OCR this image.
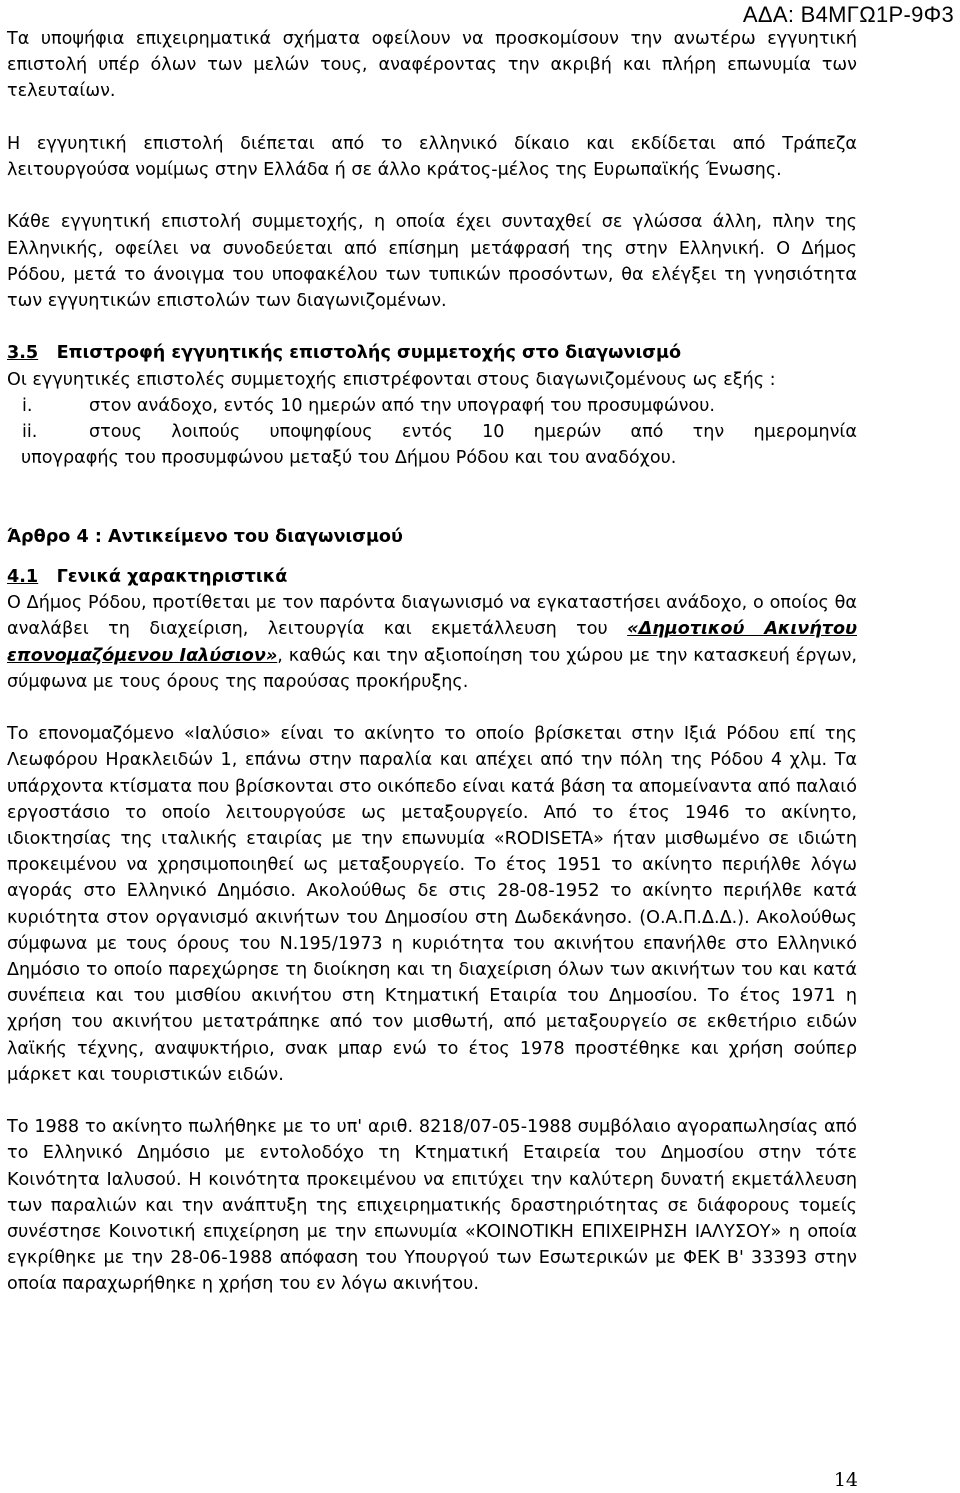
ΑΔΑ: Β4ΜΓΩ1Ρ-9Φ3

Τα υποψήφια επιχειρηματικά σχήματα οφείλουν να προσκομίσουν την ανωτέρω εγγυητική επιστολή υπέρ όλων των μελών τους, αναφέροντας την ακριβή και πλήρη επωνυμία των τελευταίων.

Η εγγυητική επιστολή διέπεται από το ελληνικό δίκαιο και εκδίδεται από Τράπεζα λειτουργούσα νομίμως στην Ελλάδα ή σε άλλο κράτος-μέλος της Ευρωπαϊκής Ένωσης.

Κάθε εγγυητική επιστολή συμμετοχής, η οποία έχει συνταχθεί σε γλώσσα άλλη, πλην της Ελληνικής, οφείλει να συνοδεύεται από επίσημη μετάφρασή της στην Ελληνική. Ο Δήμος Ρόδου, μετά το άνοιγμα του υποφακέλου των τυπικών προσόντων, θα ελέγξει τη γνησιότητα των εγγυητικών επιστολών των διαγωνιζομένων.

3.5 Επιστροφή εγγυητικής επιστολής συμμετοχής στο διαγωνισμό

Οι εγγυητικές επιστολές συμμετοχής επιστρέφονται στους διαγωνιζομένους ως εξής :

i.	στον ανάδοχο, εντός 10 ημερών από την υπογραφή του προσυμφώνου.
ii.	στους λοιπούς υποψηφίους εντός 10 ημερών από την ημερομηνία
υπογραφής του προσυμφώνου μεταξύ του Δήμου Ρόδου και του αναδόχου.
Άρθρο 4 : Αντικείμενο του διαγωνισμού
4.1 Γενικά χαρακτηριστικά

Ο Δήμος Ρόδου, προτίθεται με τον παρόντα διαγωνισμό να εγκαταστήσει ανάδοχο, ο οποίος θα αναλάβει τη διαχείριση, λειτουργία και εκμετάλλευση του «Δημοτικού Ακινήτου επονομαζόμενου Ιαλύσιον», καθώς και την αξιοποίηση του χώρου με την κατασκευή έργων, σύμφωνα με τους όρους της παρούσας προκήρυξης.

Το επονομαζόμενο «Ιαλύσιο» είναι το ακίνητο το οποίο βρίσκεται στην Ιξιά Ρόδου επί της Λεωφόρου Ηρακλειδών 1, επάνω στην παραλία και απέχει από την πόλη της Ρόδου 4 χλμ. Τα υπάρχοντα κτίσματα που βρίσκονται στο οικόπεδο είναι κατά βάση τα απομείναντα από παλαιό εργοστάσιο το οποίο λειτουργούσε ως μεταξουργείο. Από το έτος 1946 το ακίνητο, ιδιοκτησίας της ιταλικής εταιρίας με την επωνυμία «RODISETA» ήταν μισθωμένο σε ιδιώτη προκειμένου να χρησιμοποιηθεί ως μεταξουργείο. Το έτος 1951 το ακίνητο περιήλθε λόγω αγοράς στο Ελληνικό Δημόσιο. Ακολούθως δε στις 28-08-1952 το ακίνητο περιήλθε κατά κυριότητα στον οργανισμό ακινήτων του Δημοσίου στη Δωδεκάνησο. (Ο.Α.Π.Δ.Δ.). Ακολούθως σύμφωνα με τους όρους του Ν.195/1973 η κυριότητα του ακινήτου επανήλθε στο Ελληνικό Δημόσιο το οποίο παρεχώρησε τη διοίκηση και τη διαχείριση όλων των ακινήτων του και κατά συνέπεια και του μισθίου ακινήτου στη Κτηματική Εταιρία του Δημοσίου. Το έτος 1971 η χρήση του ακινήτου μετατράπηκε από τον μισθωτή, από μεταξουργείο σε εκθετήριο ειδών λαϊκής τέχνης, αναψυκτήριο, σνακ μπαρ ενώ το έτος 1978 προστέθηκε και χρήση σούπερ μάρκετ και τουριστικών ειδών.

Το 1988 το ακίνητο πωλήθηκε με το υπ' αριθ. 8218/07-05-1988 συμβόλαιο αγοραπωλησίας από το Ελληνικό Δημόσιο με εντολοδόχο τη Κτηματική Εταιρεία του Δημοσίου στην τότε Κοινότητα Ιαλυσού. Η κοινότητα προκειμένου να επιτύχει την καλύτερη δυνατή εκμετάλλευση των παραλιών και την ανάπτυξη της επιχειρηματικής δραστηριότητας σε διάφορους τομείς συνέστησε Κοινοτική επιχείρηση με την επωνυμία «ΚΟΙΝΟΤΙΚΗ ΕΠΙΧΕΙΡΗΣΗ ΙΑΛΥΣΟΥ» η οποία εγκρίθηκε με την 28-06-1988 απόφαση του Υπουργού των Εσωτερικών με ΦΕΚ Β' 33393 στην οποία παραχωρήθηκε η χρήση του εν λόγω ακινήτου.

14
